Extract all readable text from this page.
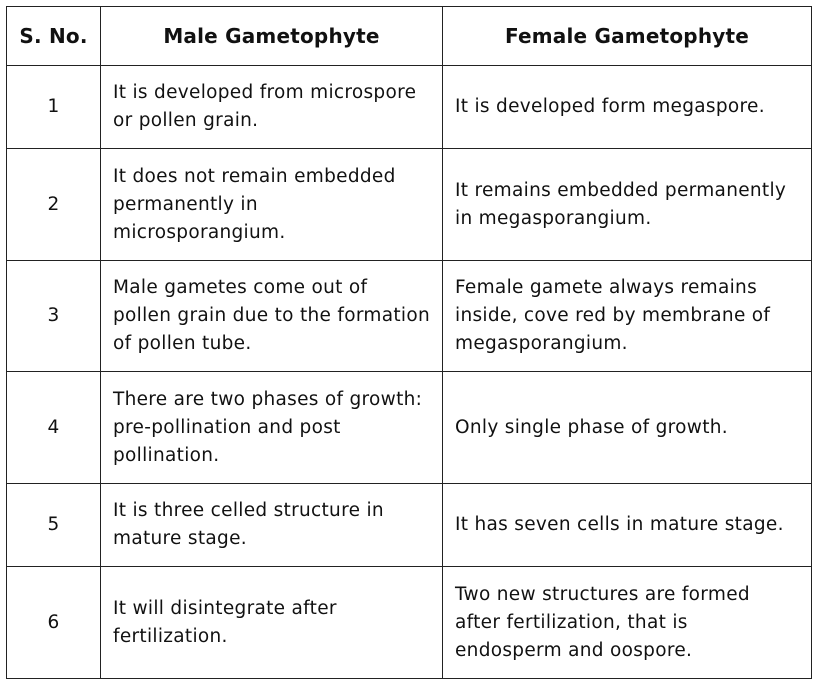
S. No.	Male Gametophyte	Female Gametophyte
1	It is developed from microspore or pollen grain.	It is developed form megaspore.
2	It does not remain embedded permanently in microsporangium.	It remains embedded permanently in megasporangium.
3	Male gametes come out of pollen grain due to the formation of pollen tube.	Female gamete always remains inside, cove red by membrane of megasporangium.
4	There are two phases of growth: pre-pollination and post pollination.	Only single phase of growth.
5	It is three celled structure in mature stage.	It has seven cells in mature stage.
6	It will disintegrate after fertilization.	Two new structures are formed after fertilization, that is endosperm and oospore.
